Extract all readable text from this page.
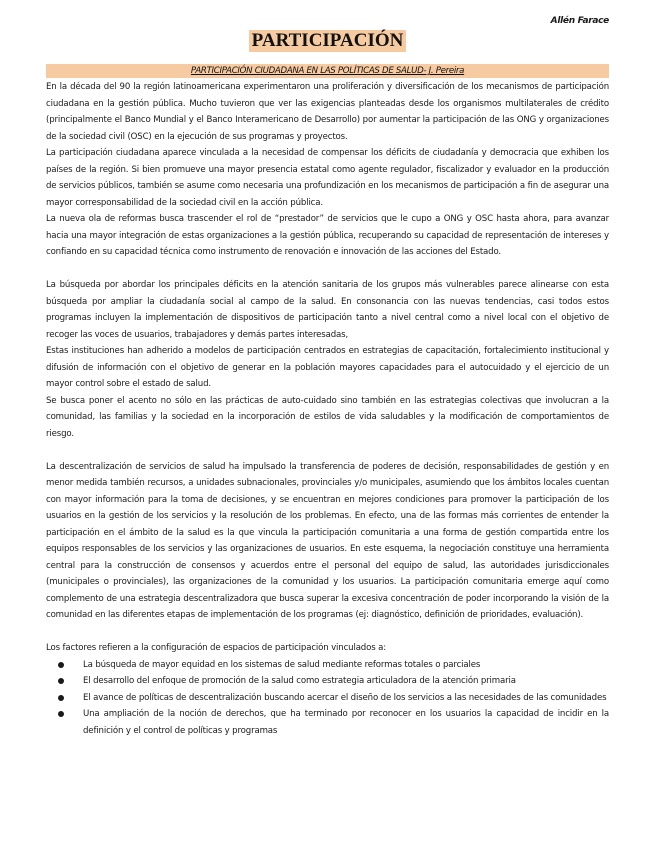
Allén Farace
PARTICIPACIÓN
PARTICIPACIÓN CIUDADANA EN LAS POLÍTICAS DE SALUD- J. Pereira

En la década del 90 la región latinoamericana experimentaron una proliferación y diversificación de los mecanismos de participación ciudadana en la gestión pública. Mucho tuvieron que ver las exigencias planteadas desde los organismos multilaterales de crédito (principalmente el Banco Mundial y el Banco Interamericano de Desarrollo) por aumentar la participación de las ONG y organizaciones de la sociedad civil (OSC) en la ejecución de sus programas y proyectos.

La participación ciudadana aparece vinculada a la necesidad de compensar los déficits de ciudadanía y democracia que exhiben los países de la región. Si bien promueve una mayor presencia estatal como agente regulador, fiscalizador y evaluador en la producción de servicios públicos, también se asume como necesaria una profundización en los mecanismos de participación a fin de asegurar una mayor corresponsabilidad de la sociedad civil en la acción pública.

La nueva ola de reformas busca trascender el rol de “prestador” de servicios que le cupo a ONG y OSC hasta ahora, para avanzar hacia una mayor integración de estas organizaciones a la gestión pública, recuperando su capacidad de representación de intereses y confiando en su capacidad técnica como instrumento de renovación e innovación de las acciones del Estado.

La búsqueda por abordar los principales déficits en la atención sanitaria de los grupos más vulnerables parece alinearse con esta búsqueda por ampliar la ciudadanía social al campo de la salud. En consonancia con las nuevas tendencias, casi todos estos programas incluyen la implementación de dispositivos de participación tanto a nivel central como a nivel local con el objetivo de recoger las voces de usuarios, trabajadores y demás partes interesadas,

Estas instituciones han adherido a modelos de participación centrados en estrategias de capacitación, fortalecimiento institucional y difusión de información con el objetivo de generar en la población mayores capacidades para el autocuidado y el ejercicio de un mayor control sobre el estado de salud.

Se busca poner el acento no sólo en las prácticas de auto-cuidado sino también en las estrategias colectivas que involucran a la comunidad, las familias y la sociedad en la incorporación de estilos de vida saludables y la modificación de comportamientos de riesgo.

La descentralización de servicios de salud ha impulsado la transferencia de poderes de decisión, responsabilidades de gestión y en menor medida también recursos, a unidades subnacionales, provinciales y/o municipales, asumiendo que los ámbitos locales cuentan con mayor información para la toma de decisiones, y se encuentran en mejores condiciones para promover la participación de los usuarios en la gestión de los servicios y la resolución de los problemas. En efecto, una de las formas más corrientes de entender la participación en el ámbito de la salud es la que vincula la participación comunitaria a una forma de gestión compartida entre los equipos responsables de los servicios y las organizaciones de usuarios. En este esquema, la negociación constituye una herramienta central para la construcción de consensos y acuerdos entre el personal del equipo de salud, las autoridades jurisdiccionales (municipales o provinciales), las organizaciones de la comunidad y los usuarios. La participación comunitaria emerge aquí como complemento de una estrategia descentralizadora que busca superar la excesiva concentración de poder incorporando la visión de la comunidad en las diferentes etapas de implementación de los programas (ej: diagnóstico, definición de prioridades, evaluación).

Los factores refieren a la configuración de espacios de participación vinculados a:

La búsqueda de mayor equidad en los sistemas de salud mediante reformas totales o parciales
El desarrollo del enfoque de promoción de la salud como estrategia articuladora de la atención primaria
El avance de políticas de descentralización buscando acercar el diseño de los servicios a las necesidades de las comunidades
Una ampliación de la noción de derechos, que ha terminado por reconocer en los usuarios la capacidad de incidir en la definición y el control de políticas y programas
